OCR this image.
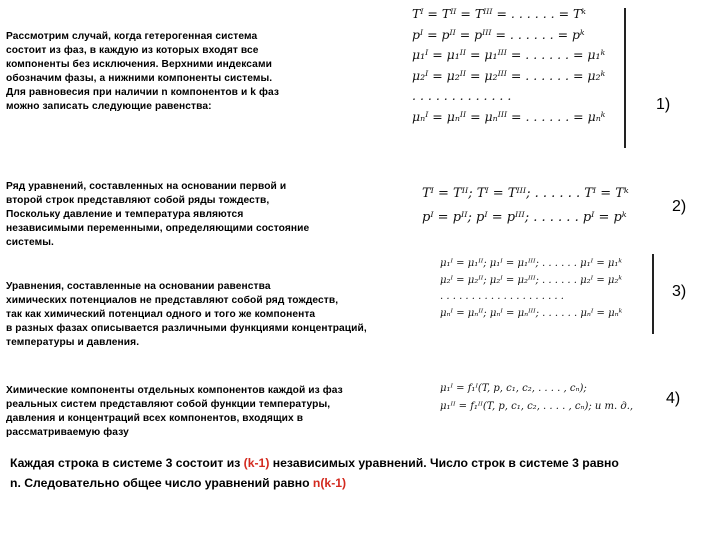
Рассмотрим случай, когда гетерогенная система
состоит из фаз, в каждую из которых входят все
компоненты без исключения. Верхними индексами
обозначим фазы, а нижними компоненты системы.
Для равновесия при наличии n компонентов и k фаз
можно записать следующие равенства:
Tᴵ = Tᴵᴵ = Tᴵᴵᴵ = . . . . . . = Tᵏ
pᴵ = pᴵᴵ = pᴵᴵᴵ = . . . . . . = pᵏ
μ₁ᴵ = μ₁ᴵᴵ = μ₁ᴵᴵᴵ = . . . . . . = μ₁ᵏ
μ₂ᴵ = μ₂ᴵᴵ = μ₂ᴵᴵᴵ = . . . . . . = μ₂ᵏ
. . . . . . . . . . . . .
μₙᴵ = μₙᴵᴵ = μₙᴵᴵᴵ = . . . . . . = μₙᵏ
1)
Ряд уравнений, составленных на основании первой и
второй строк представляют собой ряды тождеств,
Поскольку давление и температура являются
независимыми переменными, определяющими состояние
системы.
Tᴵ = Tᴵᴵ; Tᴵ = Tᴵᴵᴵ; . . . . . . Tᴵ = Tᵏ
pᴵ = pᴵᴵ; pᴵ = pᴵᴵᴵ; . . . . . . pᴵ = pᵏ
2)
Уравнения, составленные на основании равенства
химических потенциалов не представляют собой ряд тождеств,
так как химический потенциал одного и того же компонента
в разных фазах описывается различными функциями концентраций,
температуры и давления.
μ₁ᴵ = μ₁ᴵᴵ; μ₁ᴵ = μ₁ᴵᴵᴵ; . . . . . . μ₁ᴵ = μ₁ᵏ
μ₂ᴵ = μ₂ᴵᴵ; μ₂ᴵ = μ₂ᴵᴵᴵ; . . . . . . μ₂ᴵ = μ₂ᵏ
. . . . . . . . . . . . . . . . . . . .
μₙᴵ = μₙᴵᴵ; μₙᴵ = μₙᴵᴵᴵ; . . . . . . μₙᴵ = μₙᵏ
3)
Химические компоненты отдельных компонентов каждой из фаз
реальных систем представляют собой функции температуры,
давления и концентраций всех компонентов, входящих в
рассматриваемую фазу
μ₁ᴵ = f₁ᴵ(T, p, c₁, c₂, . . . . , cₙ);
μ₁ᴵᴵ = f₁ᴵᴵ(T, p, c₁, c₂, . . . . , cₙ); и т. д., 4)
Каждая строка в системе 3 состоит из (k-1) независимых уравнений. Число строк в системе 3 равно
n. Следовательно общее число уравнений равно n(k-1)
